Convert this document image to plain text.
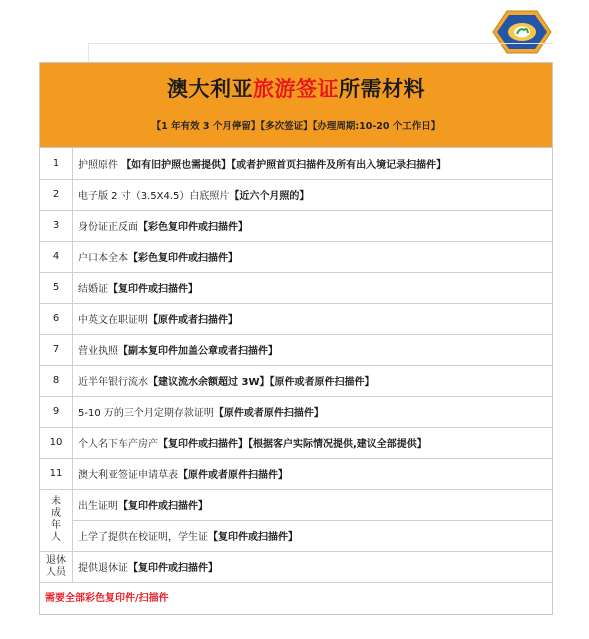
澳大利亚旅游签证所需材料
【1 年有效 3 个月停留】【多次签证】【办理周期:10-20 个工作日】
1	护照原件 【如有旧护照也需提供】【或者护照首页扫描件及所有出入境记录扫描件】
2	电子版 2 寸（3.5X4.5）白底照片【近六个月照的】
3	身份证正反面【彩色复印件或扫描件】
4	户口本全本【彩色复印件或扫描件】
5	结婚证【复印件或扫描件】
6	中英文在职证明【原件或者扫描件】
7	营业执照【副本复印件加盖公章或者扫描件】
8	近半年银行流水【建议流水余额超过 3W】【原件或者原件扫描件】
9	5-10 万的三个月定期存款证明【原件或者原件扫描件】
10	个人名下车产房产【复印件或扫描件】【根据客户实际情况提供,建议全部提供】
11	澳大利亚签证申请草表【原件或者原件扫描件】

未成年人	出生证明【复印件或扫描件】
	上学了提供在校证明，学生证【复印件或扫描件】

退休人员	提供退休证【复印件或扫描件】
需要全部彩色复印件/扫描件
